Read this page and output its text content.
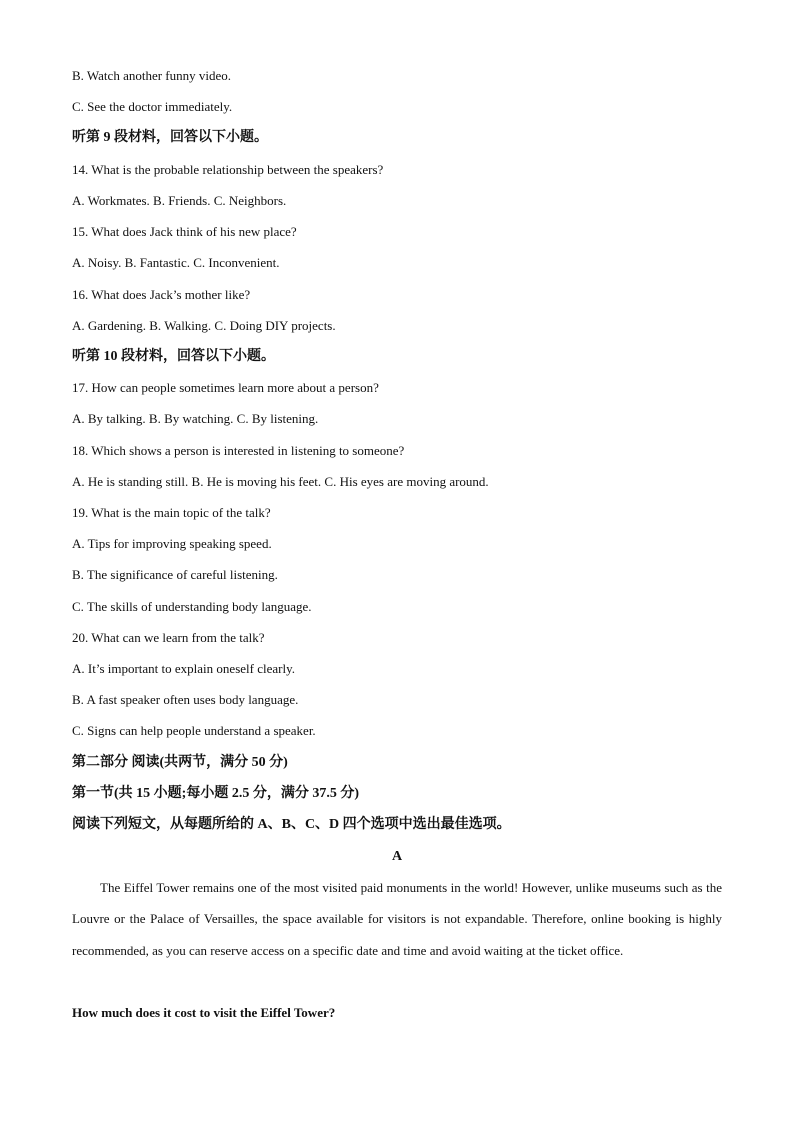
B. Watch another funny video.
C. See the doctor immediately.
听第 9 段材料，回答以下小题。
14. What is the probable relationship between the speakers?
A. Workmates. B. Friends. C. Neighbors.
15. What does Jack think of his new place?
A. Noisy. B. Fantastic. C. Inconvenient.
16. What does Jack’s mother like?
A. Gardening. B. Walking. C. Doing DIY projects.
听第 10 段材料，回答以下小题。
17. How can people sometimes learn more about a person?
A. By talking. B. By watching. C. By listening.
18. Which shows a person is interested in listening to someone?
A. He is standing still. B. He is moving his feet. C. His eyes are moving around.
19. What is the main topic of the talk?
A. Tips for improving speaking speed.
B. The significance of careful listening.
C. The skills of understanding body language.
20. What can we learn from the talk?
A. It’s important to explain oneself clearly.
B. A fast speaker often uses body language.
C. Signs can help people understand a speaker.
第二部分 阅读(共两节，满分 50 分)
第一节(共 15 小题;每小题 2.5 分，满分 37.5 分)
阅读下列短文，从每题所给的 A、B、C、D 四个选项中选出最佳选项。
A
The Eiffel Tower remains one of the most visited paid monuments in the world! However, unlike museums such as the Louvre or the Palace of Versailles, the space available for visitors is not expandable. Therefore, online booking is highly recommended, as you can reserve access on a specific date and time and avoid waiting at the ticket office.
How much does it cost to visit the Eiffel Tower?
